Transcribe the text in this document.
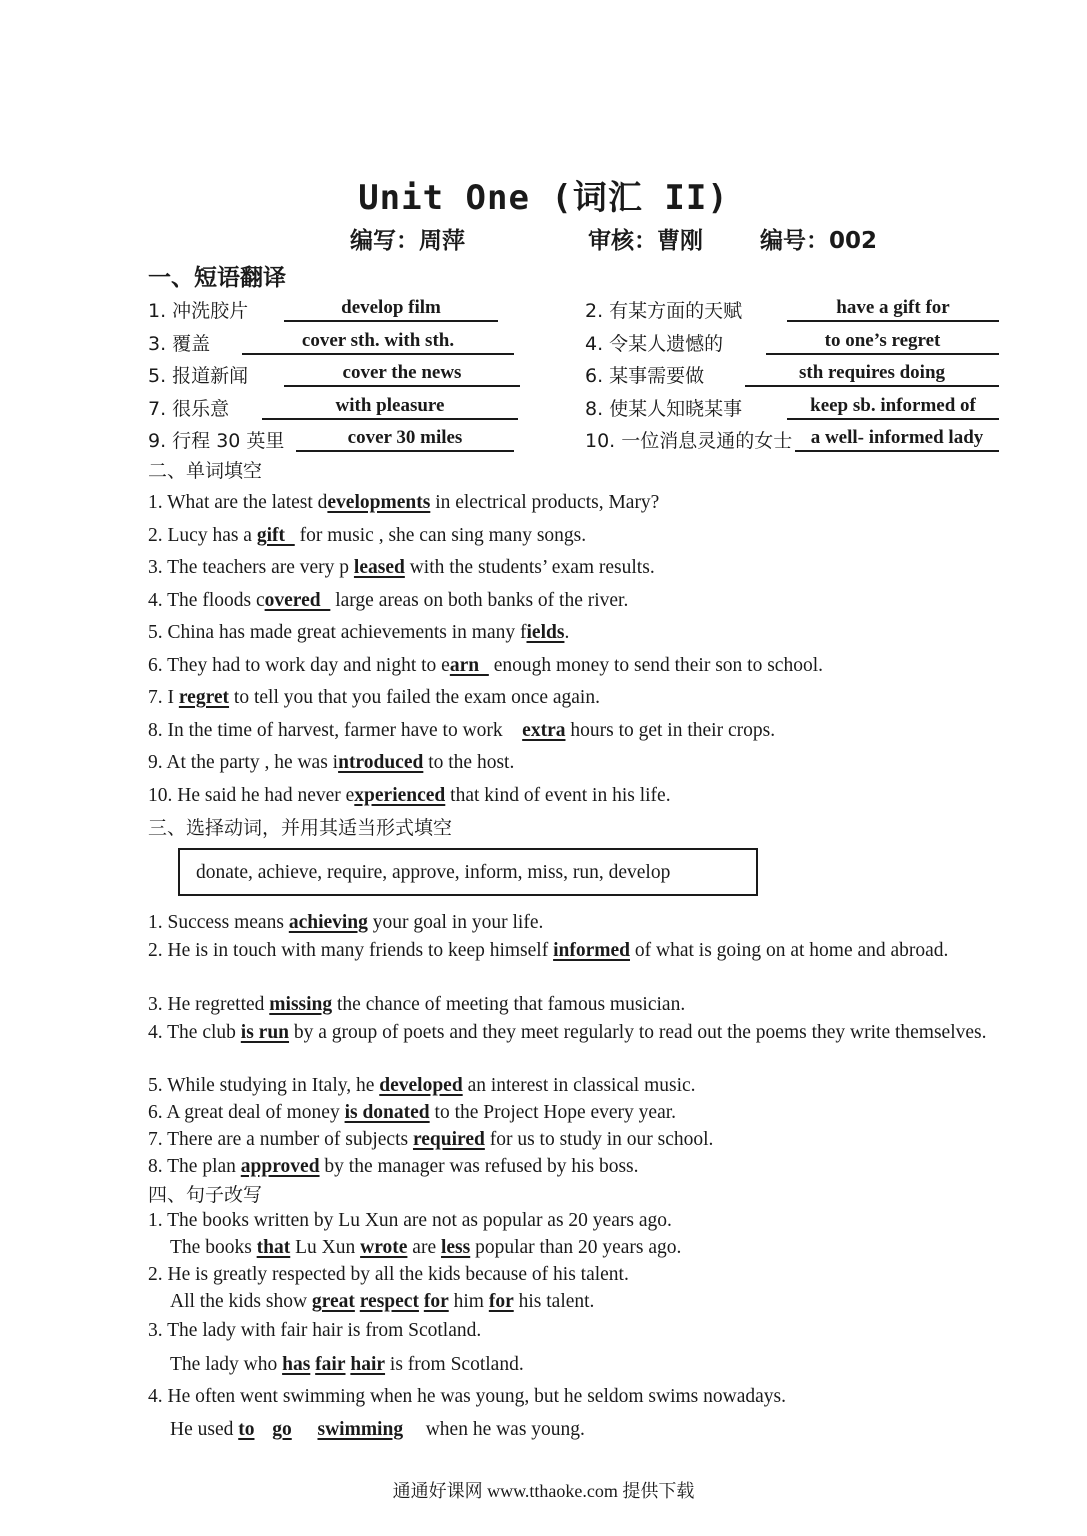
Unit One (词汇 II)
编写：周萍	审核：曹刚 编号：002
一、短语翻译
1. 冲洗胶片	develop film	2. 有某方面的天赋	have a gift for
3. 覆盖	cover sth. with sth.	4. 令某人遗憾的	to one’s regret
5. 报道新闻	cover the news	6. 某事需要做	sth requires doing
7. 很乐意	with pleasure	8. 使某人知晓某事	keep sb. informed of
9. 行程 30 英里	cover 30 miles	10. 一位消息灵通的女士 a well- informed lady
二、单词填空
1. What are the latest developments in electrical products, Mary?
2. Lucy has a gift   for music , she can sing many songs.
3. The teachers are very p leased with the students’ exam results.
4. The floods covered   large areas on both banks of the river.
5. China has made great achievements in many fields.
6. They had to work day and night to earn   enough money to send their son to school.
7. I regret to tell you that you failed the exam once again.
8. In the time of harvest, farmer have to work    extra hours to get in their crops.
9. At the party , he was introduced to the host.
10. He said he had never experienced that kind of event in his life.
三、选择动词，并用其适当形式填空
donate, achieve, require, approve, inform, miss, run, develop
1. Success means achieving your goal in your life.
2. He is in touch with many friends to keep himself informed of what is going on at home and abroad.
3. He regretted missing the chance of meeting that famous musician.
4. The club is run by a group of poets and they meet regularly to read out the poems they write themselves.
5. While studying in Italy, he developed an interest in classical music.
6. A great deal of money is donated to the Project Hope every year.
7. There are a number of subjects required for us to study in our school.
8. The plan approved by the manager was refused by his boss.
四、句子改写
1. The books written by Lu Xun are not as popular as 20 years ago.
The books that Lu Xun wrote are less popular than 20 years ago.
2. He is greatly respected by all the kids because of his talent.
All the kids show great respect for him for his talent.
3. The lady with fair hair is from Scotland.
The lady who has fair hair is from Scotland.
4. He often went swimming when he was young, but he seldom swims nowadays.
He used to go swimming   when he was young.
通通好课网 www.tthaoke.com 提供下载
